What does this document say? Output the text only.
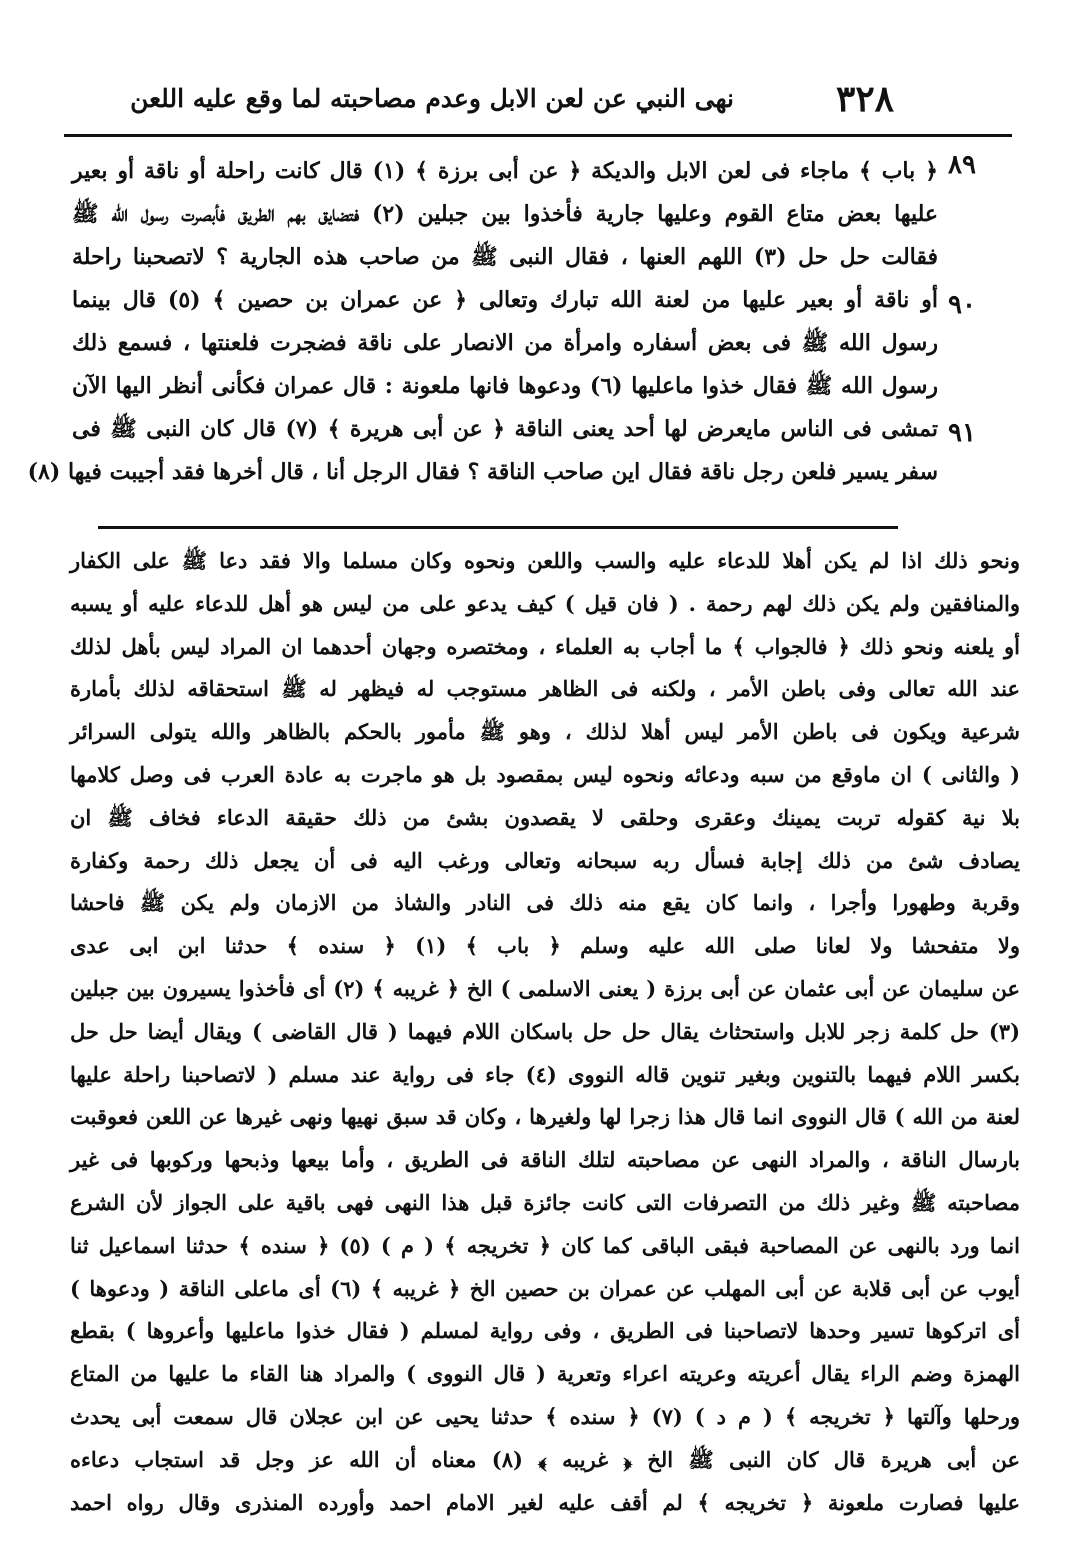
٣٢٨
نهى النبي عن لعن الابل وعدم مصاحبته لما وقع عليه اللعن
٨٩
٩٠
٩١
﴿ باب ﴾ ماجاء فى لعن الابل والديكة ﴿ عن أبى برزة ﴾ (١) قال كانت راحلة أو ناقة أو بعير
عليها بعض متاع القوم وعليها جارية فأخذوا بين جبلين (٢) فتضايق بهم الطريق فأبصرت رسول الله ﷺ
فقالت حل حل (٣) اللهم العنها ، فقال النبى ﷺ من صاحب هذه الجارية ؟ لاتصحبنا راحلة
أو ناقة أو بعير عليها من لعنة الله تبارك وتعالى ﴿ عن عمران بن حصين ﴾ (٥) قال بينما
رسول الله ﷺ فى بعض أسفاره وامرأة من الانصار على ناقة فضجرت فلعنتها ، فسمع ذلك
رسول الله ﷺ فقال خذوا ماعليها (٦) ودعوها فانها ملعونة : قال عمران فكأنى أنظر اليها الآن
تمشى فى الناس مايعرض لها أحد يعنى الناقة ﴿ عن أبى هريرة ﴾ (٧) قال كان النبى ﷺ فى
سفر يسير فلعن رجل ناقة فقال اين صاحب الناقة ؟ فقال الرجل أنا ، قال أخرها فقد أجيبت فيها (٨)
ونحو ذلك اذا لم يكن أهلا للدعاء عليه والسب واللعن ونحوه وكان مسلما والا فقد دعا ﷺ على الكفار
والمنافقين ولم يكن ذلك لهم رحمة . ( فان قيل ) كيف يدعو على من ليس هو أهل للدعاء عليه أو يسبه
أو يلعنه ونحو ذلك ﴿ فالجواب ﴾ ما أجاب به العلماء ، ومختصره وجهان أحدهما ان المراد ليس بأهل لذلك
عند الله تعالى وفى باطن الأمر ، ولكنه فى الظاهر مستوجب له فيظهر له ﷺ استحقاقه لذلك بأمارة
شرعية ويكون فى باطن الأمر ليس أهلا لذلك ، وهو ﷺ مأمور بالحكم بالظاهر والله يتولى السرائر
( والثانى ) ان ماوقع من سبه ودعائه ونحوه ليس بمقصود بل هو ماجرت به عادة العرب فى وصل كلامها
بلا نية كقوله تربت يمينك وعقرى وحلقى لا يقصدون بشئ من ذلك حقيقة الدعاء فخاف ﷺ ان
يصادف شئ من ذلك إجابة فسأل ربه سبحانه وتعالى ورغب اليه فى أن يجعل ذلك رحمة وكفارة
وقربة وطهورا وأجرا ، وانما كان يقع منه ذلك فى النادر والشاذ من الازمان ولم يكن ﷺ فاحشا
ولا متفحشا ولا لعانا صلى الله عليه وسلم ﴿ باب ﴾ (١) ﴿ سنده ﴾ حدثنا ابن ابى عدى
عن سليمان عن أبى عثمان عن أبى برزة ( يعنى الاسلمى ) الخ ﴿ غريبه ﴾ (٢) أى فأخذوا يسيرون بين جبلين
(٣) حل كلمة زجر للابل واستحثاث يقال حل حل باسكان اللام فيهما ( قال القاضى ) ويقال أيضا حل حل
بكسر اللام فيهما بالتنوين وبغير تنوين قاله النووى (٤) جاء فى رواية عند مسلم ( لاتصاحبنا راحلة عليها
لعنة من الله ) قال النووى انما قال هذا زجرا لها ولغيرها ، وكان قد سبق نهيها ونهى غيرها عن اللعن فعوقبت
بارسال الناقة ، والمراد النهى عن مصاحبته لتلك الناقة فى الطريق ، وأما بيعها وذبحها وركوبها فى غير
مصاحبته ﷺ وغير ذلك من التصرفات التى كانت جائزة قبل هذا النهى فهى باقية على الجواز لأن الشرع
انما ورد بالنهى عن المصاحبة فبقى الباقى كما كان ﴿ تخريجه ﴾ ( م ) (٥) ﴿ سنده ﴾ حدثنا اسماعيل ثنا
أيوب عن أبى قلابة عن أبى المهلب عن عمران بن حصين الخ ﴿ غريبه ﴾ (٦) أى ماعلى الناقة ( ودعوها )
أى اتركوها تسير وحدها لاتصاحبنا فى الطريق ، وفى رواية لمسلم ( فقال خذوا ماعليها وأعروها ) بقطع
الهمزة وضم الراء يقال أعريته وعريته اعراء وتعرية ( قال النووى ) والمراد هنا القاء ما عليها من المتاع
ورحلها وآلتها ﴿ تخريجه ﴾ ( م د ) (٧) ﴿ سنده ﴾ حدثنا يحيى عن ابن عجلان قال سمعت أبى يحدث
عن أبى هريرة قال كان النبى ﷺ الخ ﴿ غريبه ﴾ (٨) معناه أن الله عز وجل قد استجاب دعاءه
عليها فصارت ملعونة ﴿ تخريجه ﴾ لم أقف عليه لغير الامام احمد وأورده المنذرى وقال رواه احمد
